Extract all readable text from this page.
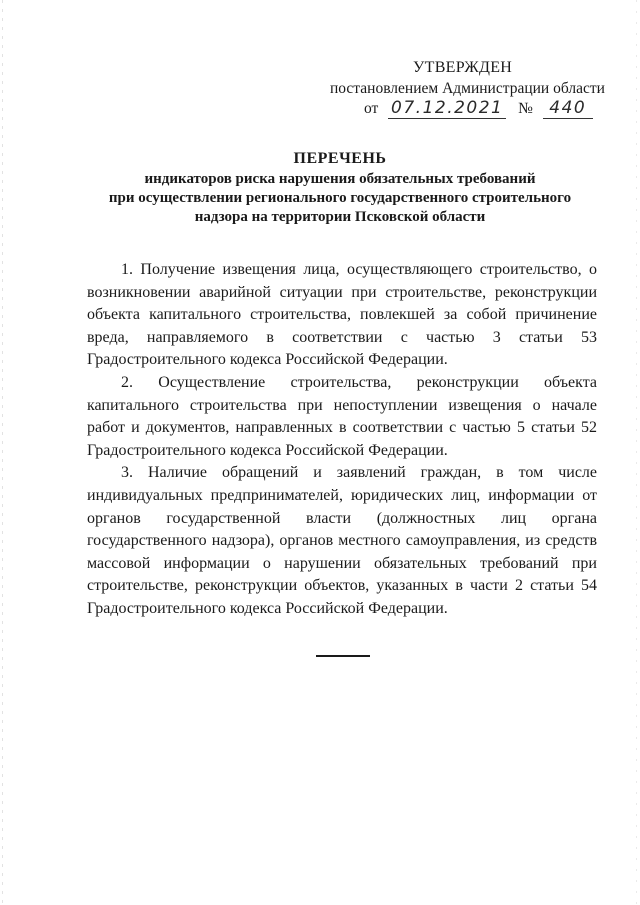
УТВЕРЖДЕН
постановлением Администрации области
от 07.12.2021 № 440
ПЕРЕЧЕНЬ
индикаторов риска нарушения обязательных требований
при осуществлении регионального государственного строительного
надзора на территории Псковской области

1. Получение извещения лица, осуществляющего строительство, о возникновении аварийной ситуации при строительстве, реконструкции объекта капитального строительства, повлекшей за собой причинение вреда, направляемого в соответствии с частью 3 статьи 53 Градостроительного кодекса Российской Федерации.

2. Осуществление строительства, реконструкции объекта капитального строительства при непоступлении извещения о начале работ и документов, направленных в соответствии с частью 5 статьи 52 Градостроительного кодекса Российской Федерации.

3. Наличие обращений и заявлений граждан, в том числе индивидуальных предпринимателей, юридических лиц, информации от органов государственной власти (должностных лиц органа государственного надзора), органов местного самоуправления, из средств массовой информации о нарушении обязательных требований при строительстве, реконструкции объектов, указанных в части 2 статьи 54 Градостроительного кодекса Российской Федерации.
